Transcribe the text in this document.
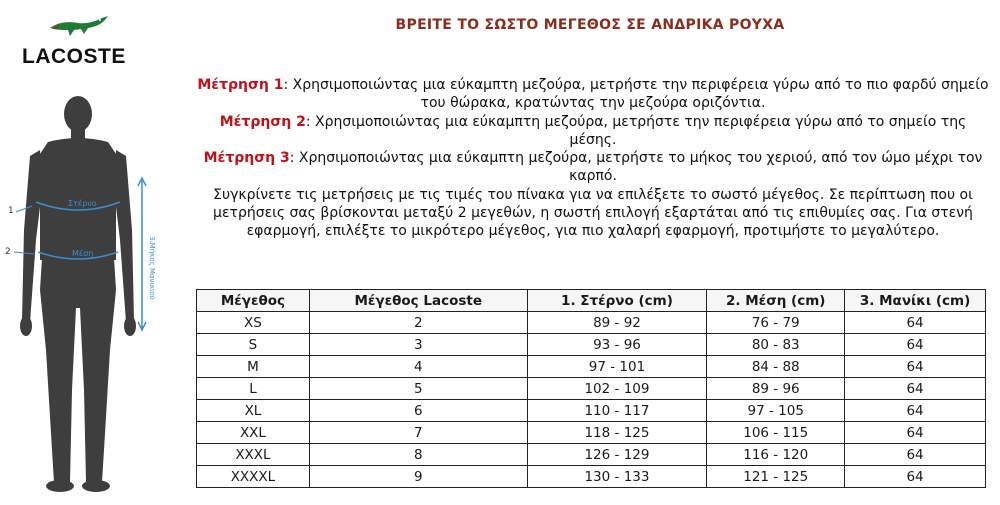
LACOSTE
ΒΡΕΙΤΕ ΤΟ ΣΩΣΤΟ ΜΕΓΕΘΟΣ ΣΕ ΑΝΔΡΙΚΑ ΡΟΥΧΑ

Μέτρηση 1: Χρησιμοποιώντας μια εύκαμπτη μεζούρα, μετρήστε την περιφέρεια γύρω από το πιο φαρδύ σημείο του θώρακα, κρατώντας την μεζούρα οριζόντια.

Μέτρηση 2: Χρησιμοποιώντας μια εύκαμπτη μεζούρα, μετρήστε την περιφέρεια γύρω από το σημείο της μέσης.

Μέτρηση 3: Χρησιμοποιώντας μια εύκαμπτη μεζούρα, μετρήστε το μήκος του χεριού, από τον ώμο μέχρι τον καρπό.

Συγκρίνετε τις μετρήσεις με τις τιμές του πίνακα για να επιλέξετε το σωστό μέγεθος. Σε περίπτωση που οι μετρήσεις σας βρίσκονται μεταξύ 2 μεγεθών, η σωστή επιλογή εξαρτάται από τις επιθυμίες σας. Για στενή εφαρμογή, επιλέξτε το μικρότερο μέγεθος, για πιο χαλαρή εφαρμογή, προτιμήστε το μεγαλύτερο.

1
2
Στέρνο
Μέση	3.Μήκος Μανικιού
Μέγεθος	Μέγεθος Lacoste	1. Στέρνο (cm)	2. Μέση (cm)	3. Μανίκι (cm)
XS	2	89 - 92	76 - 79	64
S	3	93 - 96	80 - 83	64
M	4	97 - 101	84 - 88	64
L	5	102 - 109	89 - 96	64
XL	6	110 - 117	97 - 105	64
XXL	7	118 - 125	106 - 115	64
XXXL	8	126 - 129	116 - 120	64
XXXXL	9	130 - 133	121 - 125	64
